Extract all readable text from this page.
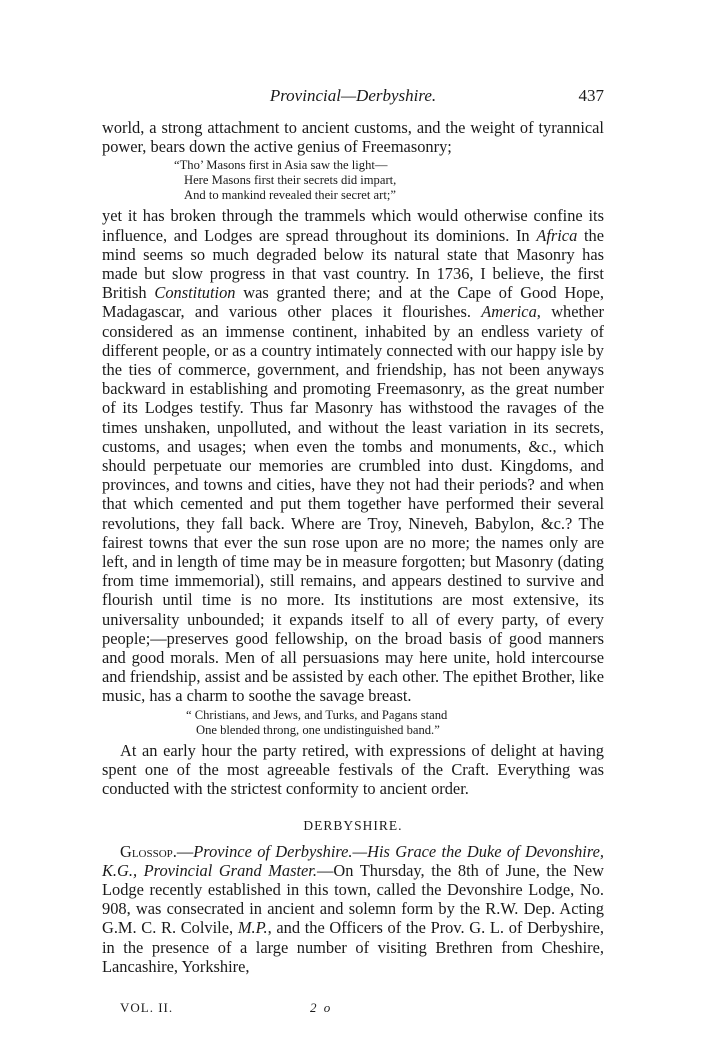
Provincial—Derbyshire.	437

world, a strong attachment to ancient customs, and the weight of tyrannical power, bears down the active genius of Freemasonry;

“Tho’ Masons first in Asia saw the light—
Here Masons first their secrets did impart,
And to mankind revealed their secret art;”

yet it has broken through the trammels which would otherwise confine its influence, and Lodges are spread throughout its dominions. In Africa the mind seems so much degraded below its natural state that Masonry has made but slow progress in that vast country. In 1736, I believe, the first British Constitution was granted there; and at the Cape of Good Hope, Madagascar, and various other places it flourishes. America, whether considered as an immense continent, inhabited by an endless variety of different people, or as a country intimately connected with our happy isle by the ties of commerce, government, and friendship, has not been anyways backward in establishing and promoting Freemasonry, as the great number of its Lodges testify. Thus far Masonry has withstood the ravages of the times unshaken, unpolluted, and without the least variation in its secrets, customs, and usages; when even the tombs and monuments, &c., which should perpetuate our memories are crumbled into dust. Kingdoms, and provinces, and towns and cities, have they not had their periods? and when that which cemented and put them together have performed their several revolutions, they fall back. Where are Troy, Nineveh, Babylon, &c.? The fairest towns that ever the sun rose upon are no more; the names only are left, and in length of time may be in measure forgotten; but Masonry (dating from time immemorial), still remains, and appears destined to survive and flourish until time is no more. Its institutions are most extensive, its universality unbounded; it expands itself to all of every party, of every people;—preserves good fellowship, on the broad basis of good manners and good morals. Men of all persuasions may here unite, hold intercourse and friendship, assist and be assisted by each other. The epithet Brother, like music, has a charm to soothe the savage breast.

“ Christians, and Jews, and Turks, and Pagans stand
One blended throng, one undistinguished band.”

At an early hour the party retired, with expressions of delight at having spent one of the most agreeable festivals of the Craft. Everything was conducted with the strictest conformity to ancient order.

DERBYSHIRE.

Glossop.—Province of Derbyshire.—His Grace the Duke of Devonshire, K.G., Provincial Grand Master.—On Thursday, the 8th of June, the New Lodge recently established in this town, called the Devonshire Lodge, No. 908, was consecrated in ancient and solemn form by the R.W. Dep. Acting G.M. C. R. Colvile, M.P., and the Officers of the Prov. G. L. of Derbyshire, in the presence of a large number of visiting Brethren from Cheshire, Lancashire, Yorkshire,

VOL. II.	2 o
